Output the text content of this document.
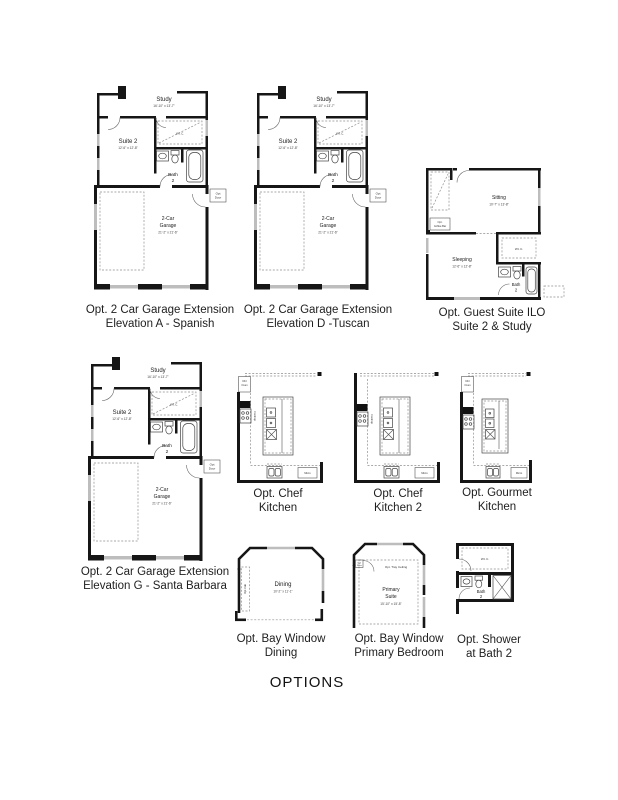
Opt
Door
Study
16'-10" x 13'-7"
Suite 2
12'-6" x 12'-8"
W.I.C.
Bath
2
2-Car
Garage
21'-2" x 21'-6"
Opt
Door
Study
16'-10" x 13'-7"
Suite 2
12'-6" x 12'-8"
W.I.C.
Bath
2
2-Car
Garage
21'-2" x 21'-6"
Opt.
Coffee Bar
Sitting
10'-7" x 13'-8"
Sleeping
12'-6" x 12'-8"
W.I.C.
Bath
2
Opt
Door
Study
16'-10" x 13'-7"
Suite 2
12'-6" x 12'-8"
W.I.C.
Bath
2
2-Car
Garage
21'-2" x 21'-6"
Dbl
Oven
Cooktop
Micro
Cooktop
Micro
Dbl
Oven
Micro
Opt Cab	Dining
10'-2" x 11'-1"
Opt
Door	Opt. Tray Ceiling
Primary
Suite
15'-10" x 15'-8"
W.I.C.
Bath
2
Opt. 2 Car Garage Extension
Elevation A - Spanish
Opt. 2 Car Garage Extension
Elevation D -Tuscan
Opt. Guest Suite ILO
Suite 2 & Study
Opt. 2 Car Garage Extension
Elevation G - Santa Barbara
Opt. Chef
Kitchen
Opt. Chef
Kitchen 2
Opt. Gourmet
Kitchen
Opt. Bay Window
Dining
Opt. Bay Window
Primary Bedroom
Opt. Shower
at Bath 2
OPTIONS
